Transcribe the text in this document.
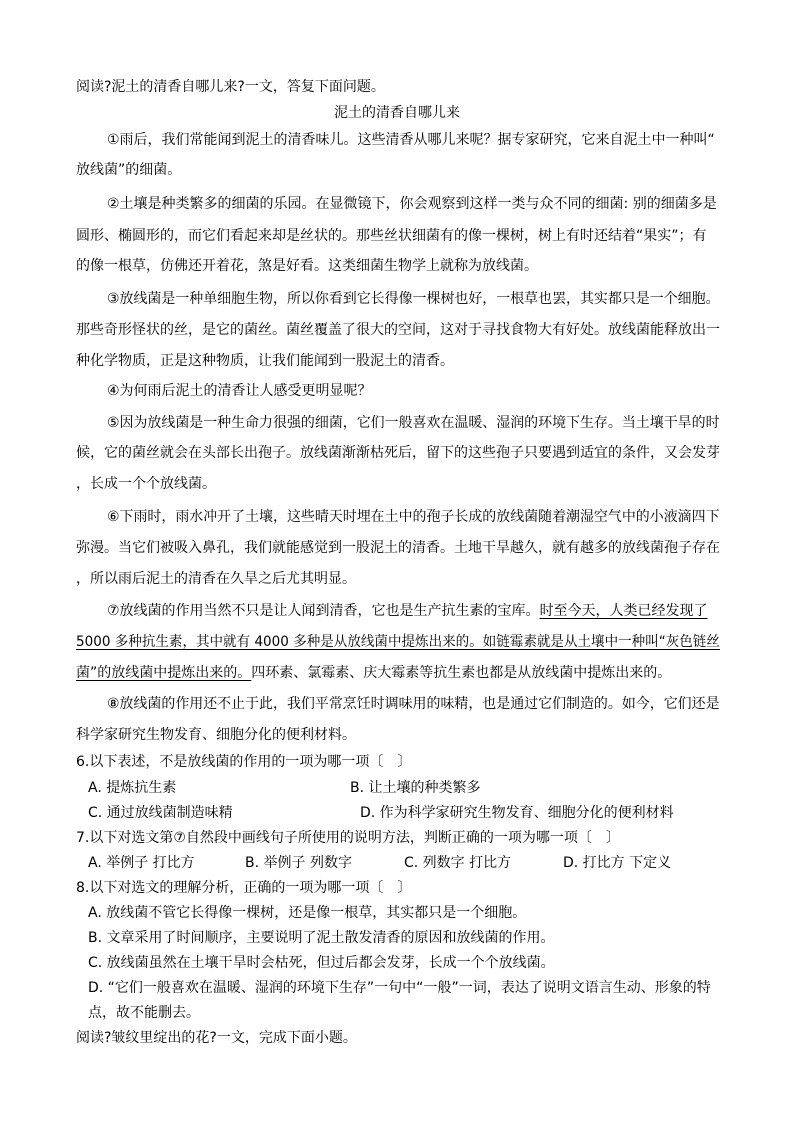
阅读?泥土的清香自哪儿来?一文，答复下面问题。
泥土的清香自哪儿来
①雨后，我们常能闻到泥土的清香味儿。这些清香从哪儿来呢？据专家研究，它来自泥土中一种叫“
放线菌”的细菌。
②土壤是种类繁多的细菌的乐园。在显微镜下，你会观察到这样一类与众不同的细菌: 别的细菌多是
圆形、椭圆形的，而它们看起来却是丝状的。那些丝状细菌有的像一棵树，树上有时还结着“果实”；有
的像一根草，仿佛还开着花，煞是好看。这类细菌生物学上就称为放线菌。
③放线菌是一种单细胞生物，所以你看到它长得像一棵树也好，一根草也罢，其实都只是一个细胞。
那些奇形怪状的丝，是它的菌丝。菌丝覆盖了很大的空间，这对于寻找食物大有好处。放线菌能释放出一
种化学物质，正是这种物质，让我们能闻到一股泥土的清香。
④为何雨后泥土的清香让人感受更明显呢？
⑤因为放线菌是一种生命力很强的细菌，它们一般喜欢在温暖、湿润的环境下生存。当土壤干旱的时
候，它的菌丝就会在头部长出孢子。放线菌渐渐枯死后，留下的这些孢子只要遇到适宜的条件，又会发芽
，长成一个个放线菌。
⑥下雨时，雨水冲开了土壤，这些晴天时埋在土中的孢子长成的放线菌随着潮湿空气中的小液滴四下
弥漫。当它们被吸入鼻孔，我们就能感觉到一股泥土的清香。土地干旱越久，就有越多的放线菌孢子存在
，所以雨后泥土的清香在久旱之后尤其明显。
⑦放线菌的作用当然不只是让人闻到清香，它也是生产抗生素的宝库。时至今天，人类已经发现了
5000 多种抗生素，其中就有 4000 多种是从放线菌中提炼出来的。如链霉素就是从土壤中一种叫“灰色链丝
菌”的放线菌中提炼出来的。四环素、氯霉素、庆大霉素等抗生素也都是从放线菌中提炼出来的。
⑧放线菌的作用还不止于此，我们平常烹饪时调味用的味精，也是通过它们制造的。如今，它们还是
科学家研究生物发育、细胞分化的便利材料。
6.以下表述，不是放线菌的作用的一项为哪一项〔　〕
A. 提炼抗生素	B. 让土壤的种类繁多
C. 通过放线菌制造味精	D. 作为科学家研究生物发育、细胞分化的便利材料
7.以下对选文第⑦自然段中画线句子所使用的说明方法，判断正确的一项为哪一项〔　〕
A. 举例子 打比方	B. 举例子 列数字	C. 列数字 打比方	D. 打比方 下定义
8.以下对选文的理解分析，正确的一项为哪一项〔　〕
A. 放线菌不管它长得像一棵树，还是像一根草，其实都只是一个细胞。
B. 文章采用了时间顺序，主要说明了泥土散发清香的原因和放线菌的作用。
C. 放线菌虽然在土壤干旱时会枯死，但过后都会发芽，长成一个个放线菌。
D. “它们一般喜欢在温暖、湿润的环境下生存”一句中“一般”一词，表达了说明文语言生动、形象的特
点，故不能删去。
阅读?皱纹里绽出的花?一文，完成下面小题。
